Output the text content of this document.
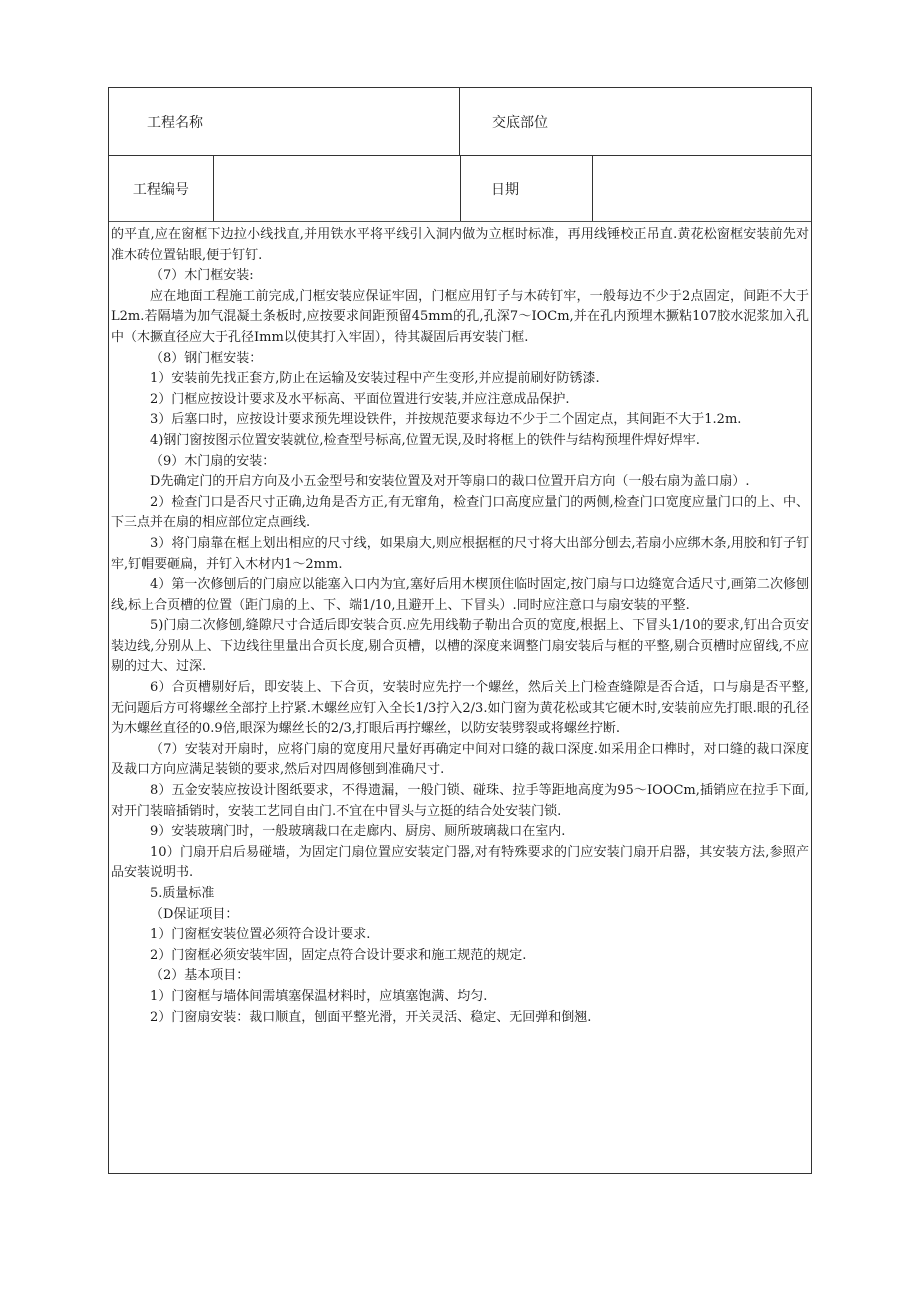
工程名称	交底部位
工程编号	日期

的平直,应在窗框下边拉小线找直,并用铁水平将平线引入洞内做为立框时标准，再用线锤校正吊直.黄花松窗框安装前先对准木砖位置钻眼,便于钉钉.

（7）木门框安装:

应在地面工程施工前完成,门框安装应保证牢固，门框应用钉子与木砖钉牢，一般每边不少于2点固定，间距不大于L2m.若隔墙为加气混凝土条板时,应按要求间距预留45mm的孔,孔深7～IOCm,并在孔内预埋木撅粘107胶水泥浆加入孔中（木撅直径应大于孔径Imm以使其打入牢固），待其凝固后再安装门框.

（8）钢门框安装：

1）安装前先找正套方,防止在运输及安装过程中产生变形,并应提前刷好防锈漆.

2）门框应按设计要求及水平标高、平面位置进行安装,并应注意成品保护.

3）后塞口时，应按设计要求预先埋设铁件，并按规范要求每边不少于二个固定点，其间距不大于1.2m.

4)钢门窗按图示位置安装就位,检查型号标高,位置无误,及时将框上的铁件与结构预埋件焊好焊牢.

（9）木门扇的安装：

D先确定门的开启方向及小五金型号和安装位置及对开等扇口的裁口位置开启方向（一般右扇为盖口扇）.

2）检查门口是否尺寸正确,边角是否方正,有无窜角，检查门口高度应量门的两侧,检查门口宽度应量门口的上、中、下三点并在扇的相应部位定点画线.

3）将门扇靠在框上划出相应的尺寸线，如果扇大,则应根据框的尺寸将大出部分刨去,若扇小应绑木条,用胶和钉子钉牢,钉帽要砸扁，并钉入木材内1～2mm.

4）第一次修刨后的门扇应以能塞入口内为宜,塞好后用木楔顶住临时固定,按门扇与口边缝宽合适尺寸,画第二次修刨线,标上合页槽的位置（距门扇的上、下、端1/10,且避开上、下冒头）.同时应注意口与扇安装的平整.

5)门扇二次修刨,缝隙尺寸合适后即安装合页.应先用线勒子勒出合页的宽度,根据上、下冒头1/10的要求,钉出合页安装边线,分别从上、下边线往里量出合页长度,剔合页槽，以槽的深度来调整门扇安装后与框的平整,剔合页槽时应留线,不应剔的过大、过深.

6）合页槽剔好后，即安装上、下合页，安装时应先拧一个螺丝，然后关上门检查缝隙是否合适，口与扇是否平整,无问题后方可将螺丝全部拧上拧紧.木螺丝应钉入全长1/3拧入2/3.如门窗为黄花松或其它硬木时,安装前应先打眼.眼的孔径为木螺丝直径的0.9倍,眼深为螺丝长的2/3,打眼后再拧螺丝，以防安装劈裂或将螺丝拧断.

（7）安装对开扇时，应将门扇的宽度用尺量好再确定中间对口缝的裁口深度.如采用企口榫时，对口缝的裁口深度及裁口方向应满足装锁的要求,然后对四周修刨到准确尺寸.

8）五金安装应按设计图纸要求，不得遗漏，一般门锁、碰珠、拉手等距地高度为95～IOOCm,插销应在拉手下面,对开门装暗插销时，安装工艺同自由门.不宜在中冒头与立挺的结合处安装门锁.

9）安装玻璃门时，一般玻璃裁口在走廊内、厨房、厕所玻璃裁口在室内.

10）门扇开启后易碰墙，为固定门扇位置应安装定门器,对有特殊要求的门应安装门扇开启器，其安装方法,参照产品安装说明书.

5.质量标准

（D保证项目：

1）门窗框安装位置必须符合设计要求.

2）门窗框必须安装牢固，固定点符合设计要求和施工规范的规定.

（2）基本项目：

1）门窗框与墙体间需填塞保温材料时，应填塞饱满、均匀.

2）门窗扇安装：裁口顺直，刨面平整光滑，开关灵活、稳定、无回弹和倒翘.
